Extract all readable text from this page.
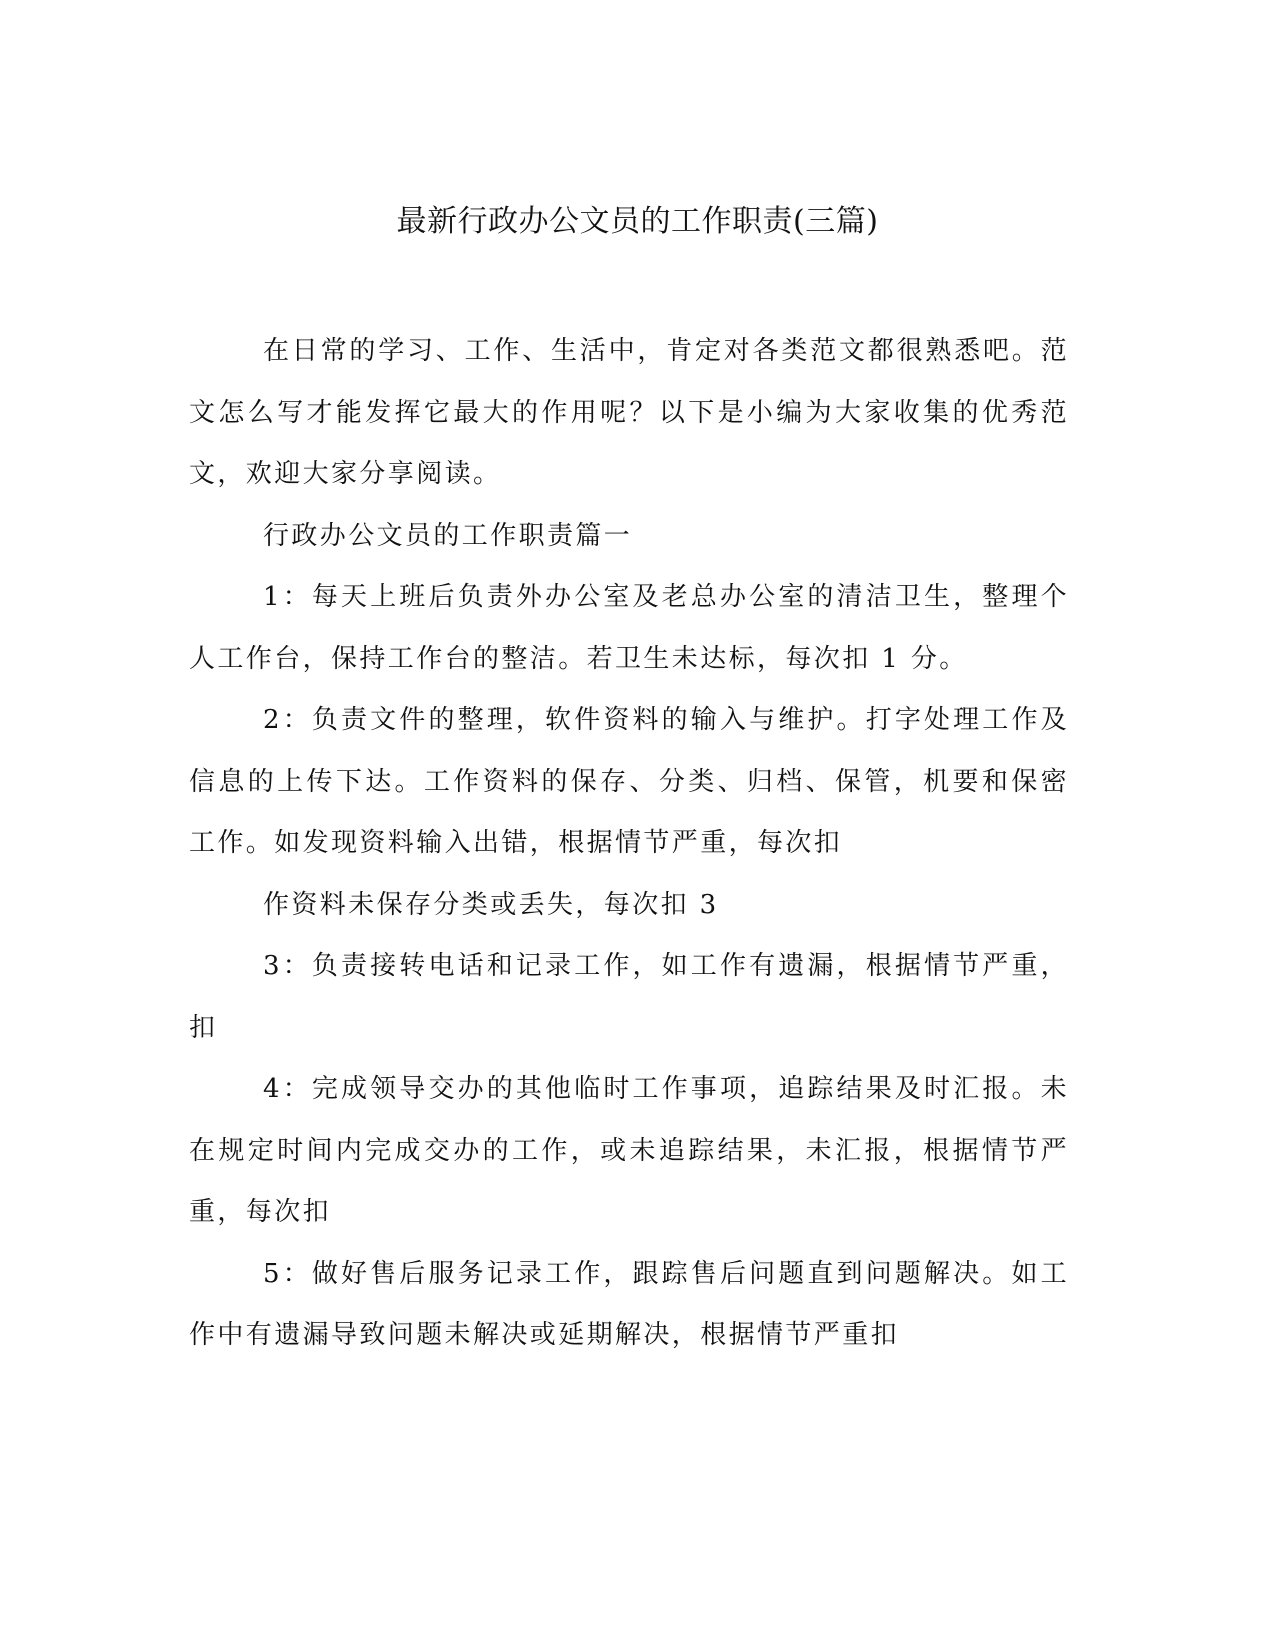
最新行政办公文员的工作职责(三篇)

在日常的学习、工作、生活中，肯定对各类范文都很熟悉吧。范文怎么写才能发挥它最大的作用呢？以下是小编为大家收集的优秀范文，欢迎大家分享阅读。

行政办公文员的工作职责篇一

1：每天上班后负责外办公室及老总办公室的清洁卫生，整理个人工作台，保持工作台的整洁。若卫生未达标，每次扣 1 分。

2：负责文件的整理，软件资料的输入与维护。打字处理工作及信息的上传下达。工作资料的保存、分类、归档、保管，机要和保密工作。如发现资料输入出错，根据情节严重，每次扣

作资料未保存分类或丢失，每次扣 3

3：负责接转电话和记录工作，如工作有遗漏，根据情节严重，扣

4：完成领导交办的其他临时工作事项，追踪结果及时汇报。未在规定时间内完成交办的工作，或未追踪结果，未汇报，根据情节严重，每次扣

5：做好售后服务记录工作，跟踪售后问题直到问题解决。如工作中有遗漏导致问题未解决或延期解决，根据情节严重扣
